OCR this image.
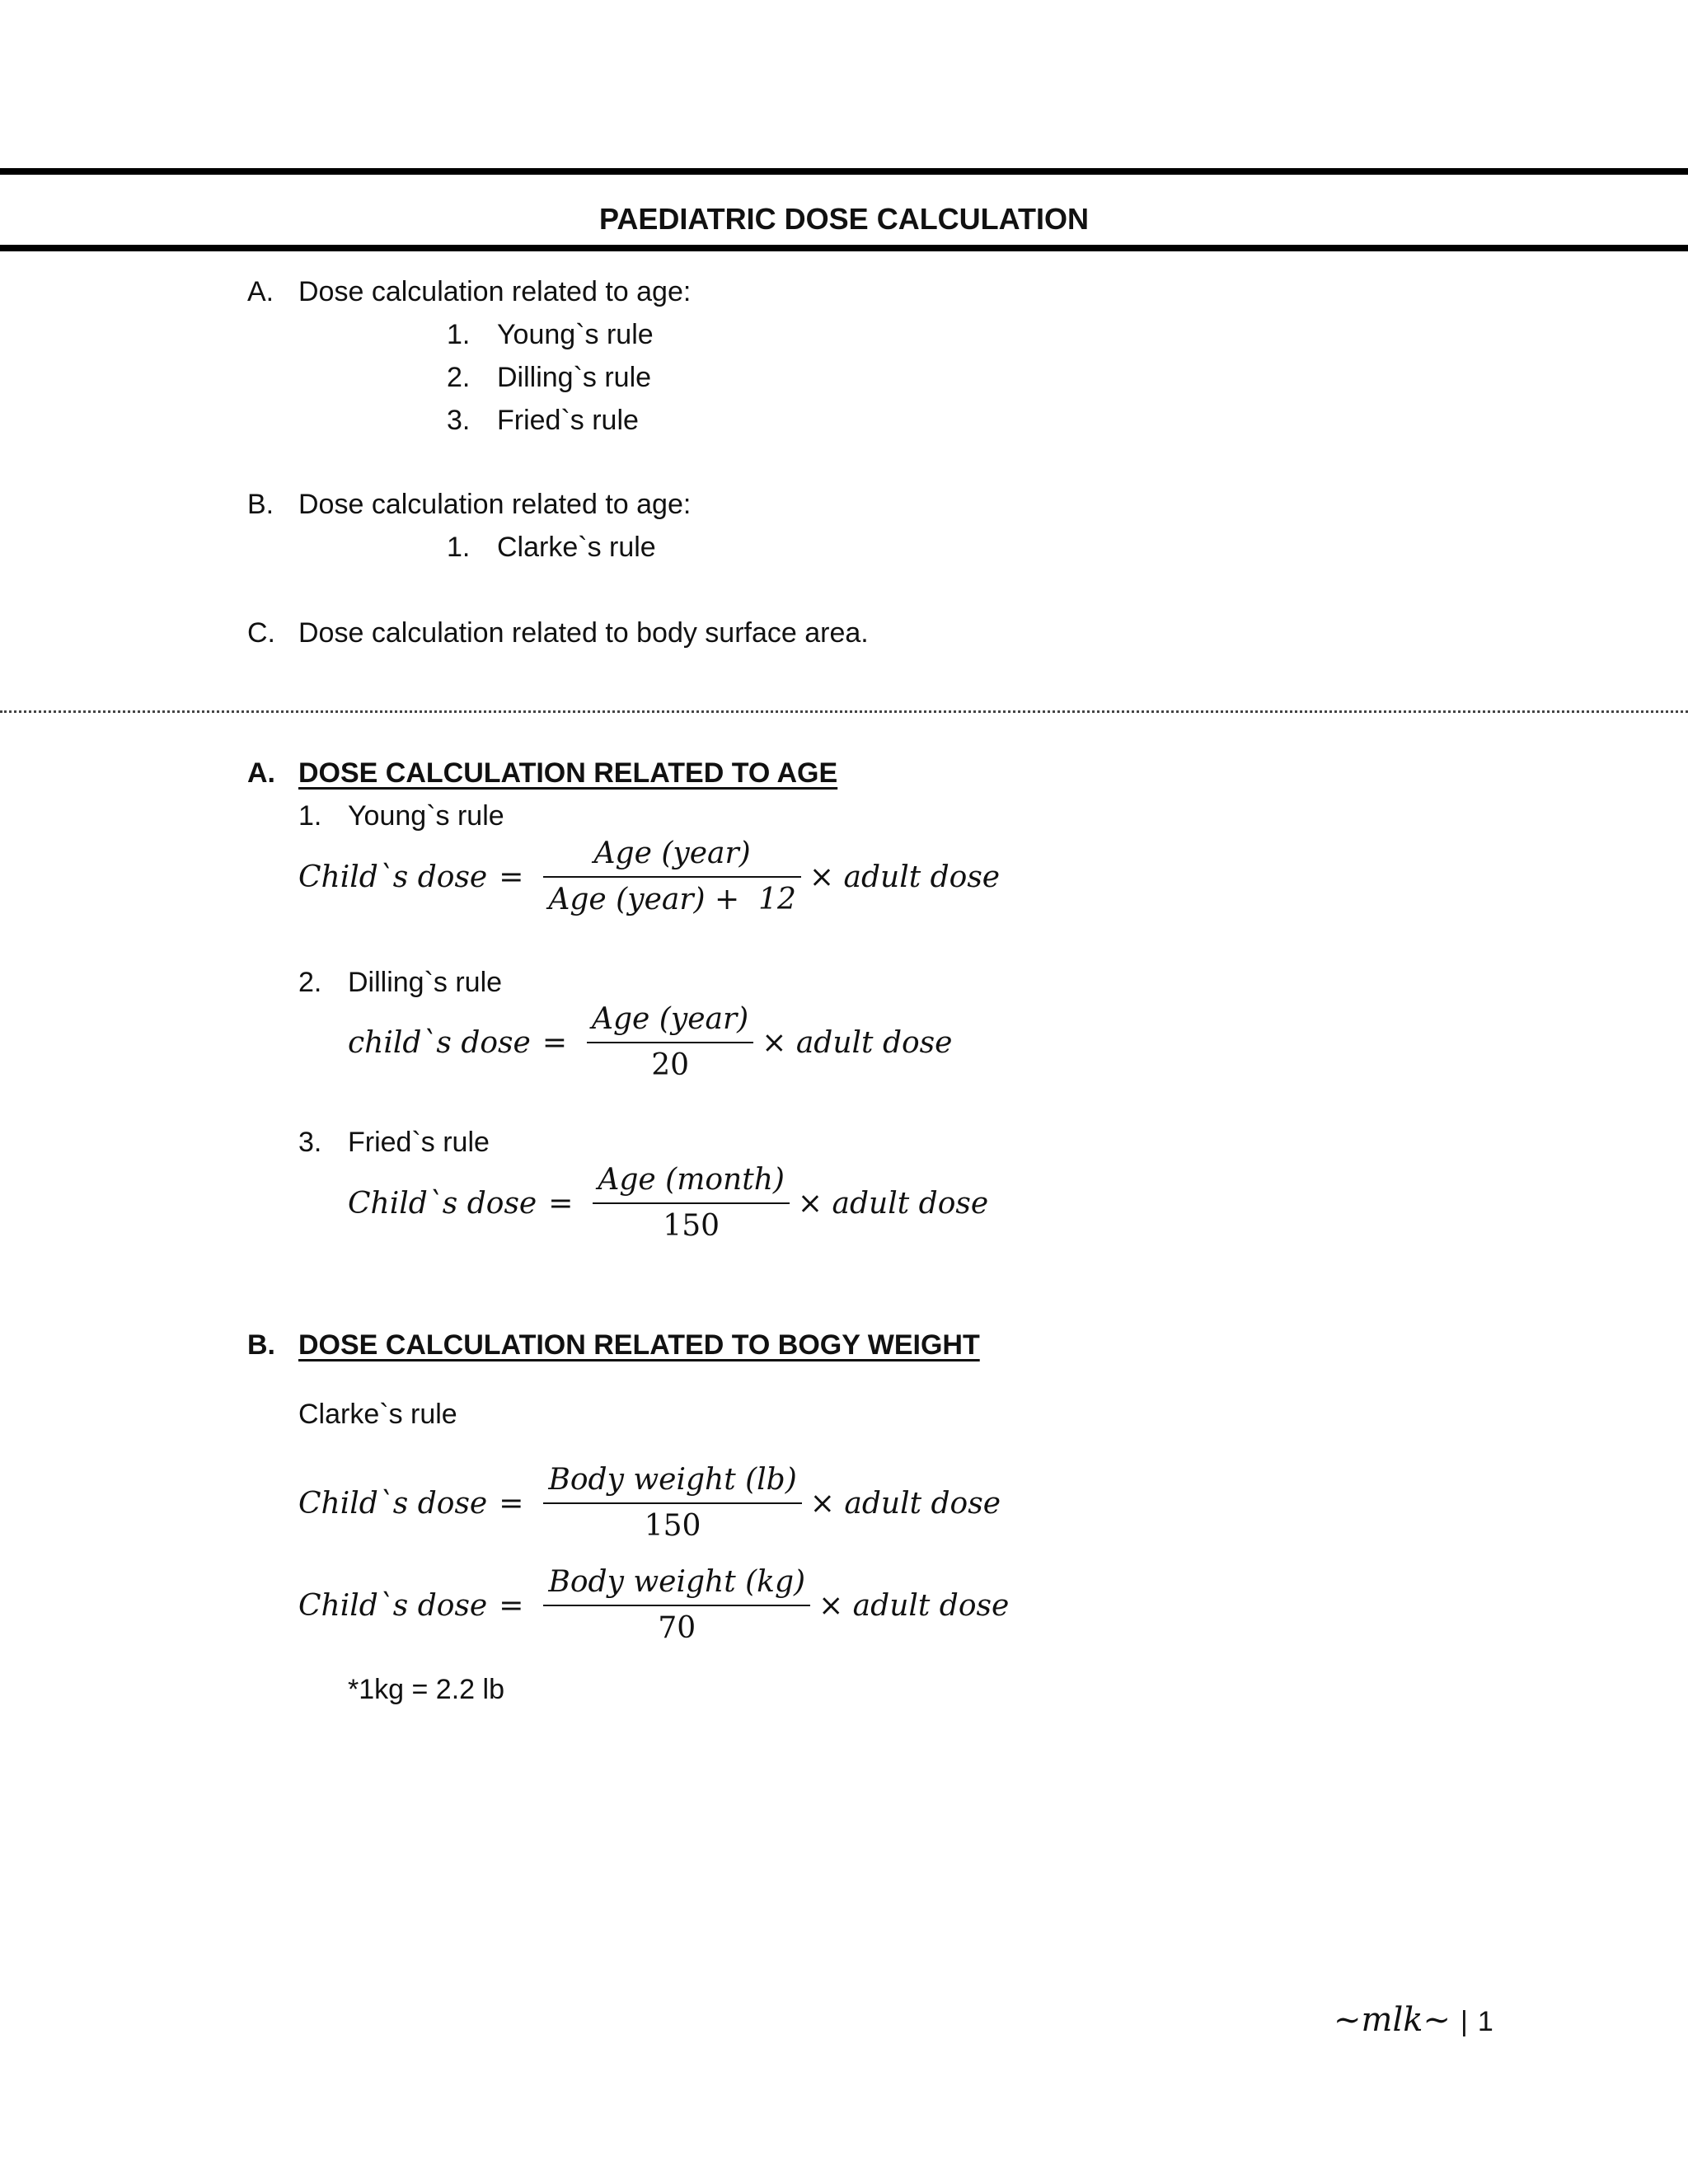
PAEDIATRIC DOSE CALCULATION
A. Dose calculation related to age:
1. Young`s rule
2. Dilling`s rule
3. Fried`s rule
B. Dose calculation related to age:
1. Clarke`s rule
C. Dose calculation related to body surface area.
A. DOSE CALCULATION RELATED TO AGE
1. Young`s rule
Child`s dose = $\frac{\text{Age (year)}}{\text{Age (year) +  12}}$ × adult dose
2. Dilling`s rule
child`s dose = $\frac{\text{Age (year)}}{20}$ × adult dose
3. Fried`s rule
Child`s dose = $\frac{\text{Age (month)}}{150}$ × adult dose
B. DOSE CALCULATION RELATED TO BOGY WEIGHT
Clarke`s rule
Child`s dose = $\frac{\text{Body weight (lb)}}{150}$ × adult dose
Child`s dose = $\frac{\text{Body weight (kg)}}{70}$ × adult dose
*1kg = 2.2 lb
~mlk~ | 1
